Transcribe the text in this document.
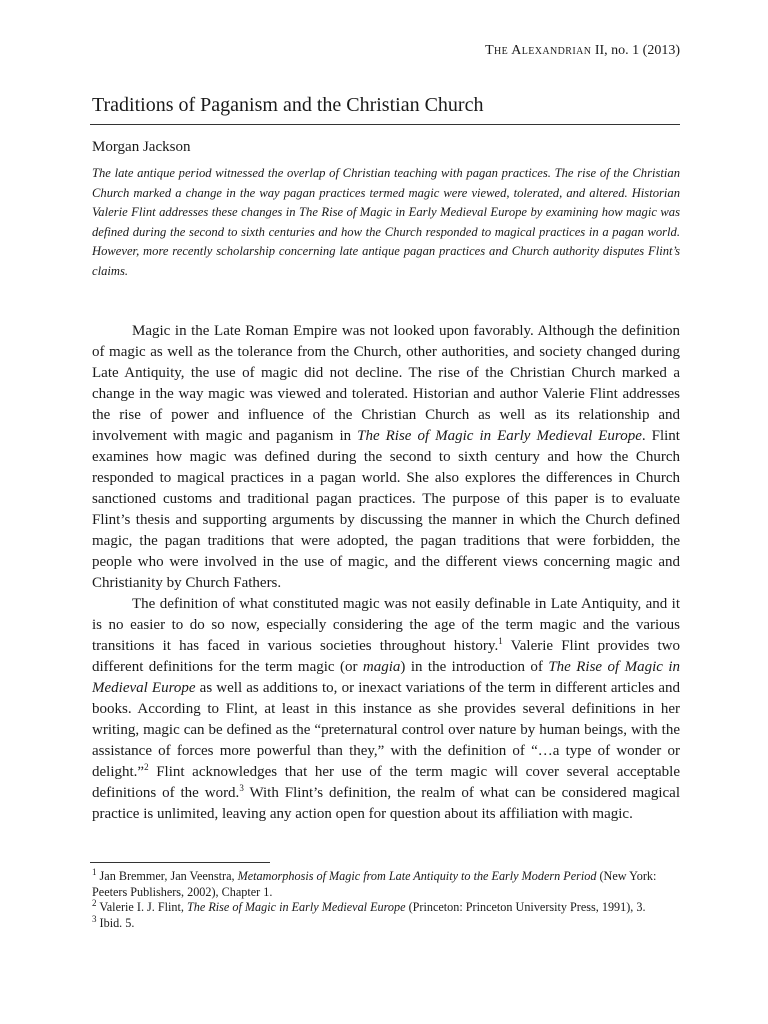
The Alexandrian II, no. 1 (2013)
Traditions of Paganism and the Christian Church
Morgan Jackson

The late antique period witnessed the overlap of Christian teaching with pagan practices. The rise of the Christian Church marked a change in the way pagan practices termed magic were viewed, tolerated, and altered. Historian Valerie Flint addresses these changes in The Rise of Magic in Early Medieval Europe by examining how magic was defined during the second to sixth centuries and how the Church responded to magical practices in a pagan world. However, more recently scholarship concerning late antique pagan practices and Church authority disputes Flint’s claims.

Magic in the Late Roman Empire was not looked upon favorably. Although the definition of magic as well as the tolerance from the Church, other authorities, and society changed during Late Antiquity, the use of magic did not decline. The rise of the Christian Church marked a change in the way magic was viewed and tolerated. Historian and author Valerie Flint addresses the rise of power and influence of the Christian Church as well as its relationship and involvement with magic and paganism in The Rise of Magic in Early Medieval Europe. Flint examines how magic was defined during the second to sixth century and how the Church responded to magical practices in a pagan world. She also explores the differences in Church sanctioned customs and traditional pagan practices. The purpose of this paper is to evaluate Flint’s thesis and supporting arguments by discussing the manner in which the Church defined magic, the pagan traditions that were adopted, the pagan traditions that were forbidden, the people who were involved in the use of magic, and the different views concerning magic and Christianity by Church Fathers.

The definition of what constituted magic was not easily definable in Late Antiquity, and it is no easier to do so now, especially considering the age of the term magic and the various transitions it has faced in various societies throughout history.$^1$ Valerie Flint provides two different definitions for the term magic (or magia) in the introduction of The Rise of Magic in Medieval Europe as well as additions to, or inexact variations of the term in different articles and books. According to Flint, at least in this instance as she provides several definitions in her writing, magic can be defined as the “preternatural control over nature by human beings, with the assistance of forces more powerful than they,” with the definition of “…a type of wonder or delight.”$^2$ Flint acknowledges that her use of the term magic will cover several acceptable definitions of the word.$^3$ With Flint’s definition, the realm of what can be considered magical practice is unlimited, leaving any action open for question about its affiliation with magic.

$^1$ Jan Bremmer, Jan Veenstra, Metamorphosis of Magic from Late Antiquity to the Early Modern Period (New York: Peeters Publishers, 2002), Chapter 1.

$^2$ Valerie I. J. Flint, The Rise of Magic in Early Medieval Europe (Princeton: Princeton University Press, 1991), 3.

$^3$ Ibid. 5.
